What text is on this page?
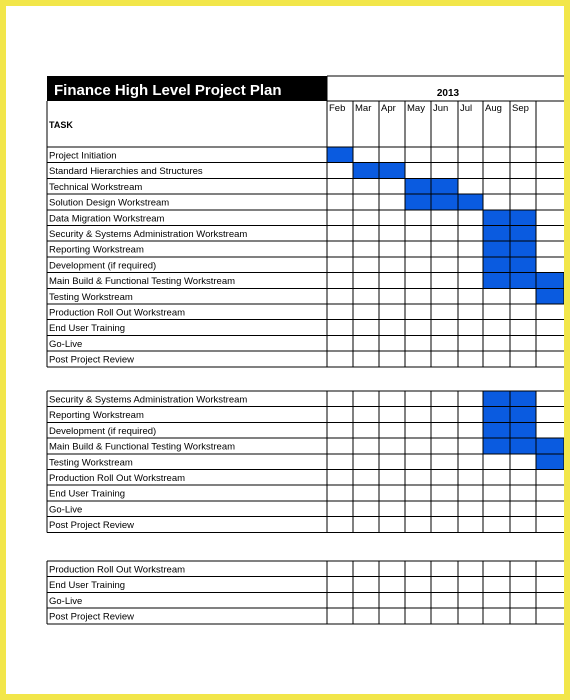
Finance High Level Project Plan	2013
TASK
Feb Mar Apr May Jun Jul Aug Sep
Project Initiation
Standard Hierarchies and Structures
Technical Workstream
Solution Design Workstream
Data Migration Workstream
Security & Systems Administration Workstream
Reporting Workstream
Development (if required)
Main Build & Functional Testing Workstream
Testing Workstream
Production Roll Out Workstream
End User Training
Go-Live
Post Project Review
Security & Systems Administration Workstream
Reporting Workstream
Development (if required)
Main Build & Functional Testing Workstream
Testing Workstream
Production Roll Out Workstream
End User Training
Go-Live
Post Project Review
Production Roll Out Workstream
End User Training
Go-Live
Post Project Review
